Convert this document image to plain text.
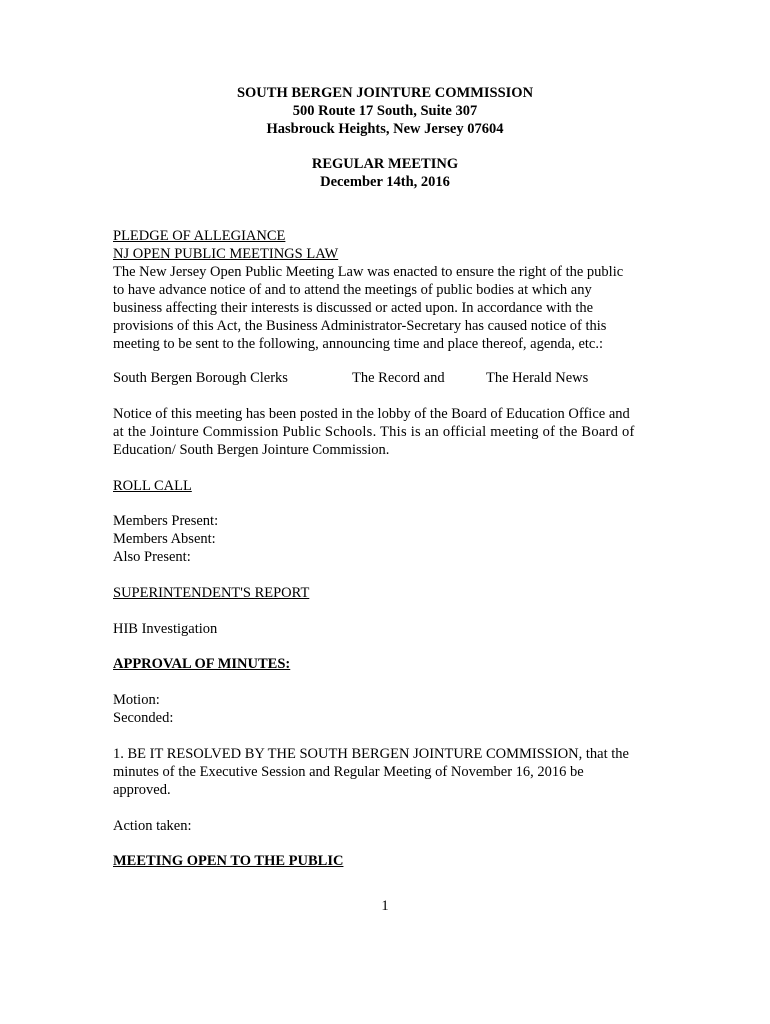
SOUTH BERGEN JOINTURE COMMISSION
500 Route 17 South, Suite 307
Hasbrouck Heights, New Jersey 07604
REGULAR MEETING
December 14th, 2016
PLEDGE OF ALLEGIANCE
NJ OPEN PUBLIC MEETINGS LAW
The New Jersey Open Public Meeting Law was enacted to ensure the right of the public
to have advance notice of and to attend the meetings of public bodies at which any
business affecting their interests is discussed or acted upon. In accordance with the
provisions of this Act, the Business Administrator-Secretary has caused notice of this
meeting to be sent to the following, announcing time and place thereof, agenda, etc.:
South Bergen Borough Clerks	The Record and	The Herald News
Notice of this meeting has been posted in the lobby of the Board of Education Office and
at the Jointure Commission Public Schools. This is an official meeting of the Board of
Education/ South Bergen Jointure Commission.
ROLL CALL
Members Present:
Members Absent:
Also Present:
SUPERINTENDENT'S REPORT
HIB Investigation
APPROVAL OF MINUTES:
Motion:
Seconded:
1. BE IT RESOLVED BY THE SOUTH BERGEN JOINTURE COMMISSION, that the
minutes of the Executive Session and Regular Meeting of November 16, 2016 be
approved.
Action taken:
MEETING OPEN TO THE PUBLIC
1
